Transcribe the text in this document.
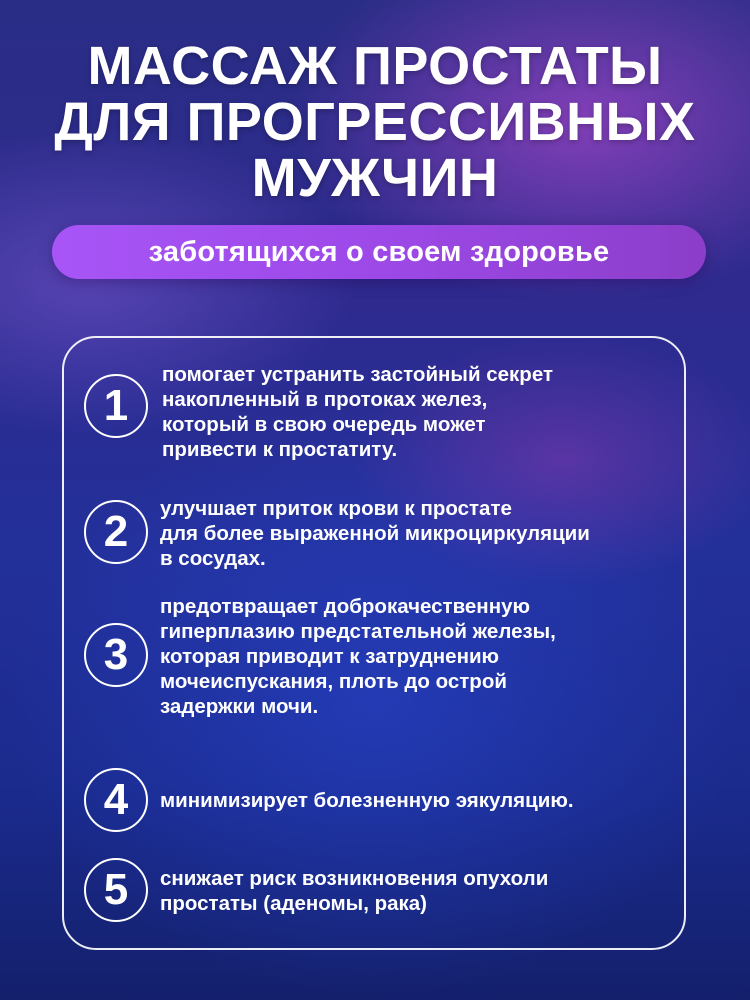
МАССАЖ ПРОСТАТЫ
ДЛЯ ПРОГРЕССИВНЫХ
МУЖЧИН
заботящихся о своем здоровье
1
помогает устранить застойный секрет
накопленный в протоках желез,
который в свою очередь может
привести к простатиту.
2 улучшает приток крови к простате
для более выраженной микроциркуляции
в сосудах.
3
предотвращает доброкачественную
гиперплазию предстательной железы,
которая приводит к затруднению
мочеиспускания, плоть до острой
задержки мочи.
4 минимизирует болезненную эякуляцию.
5 снижает риск возникновения опухоли
простаты (аденомы, рака)
